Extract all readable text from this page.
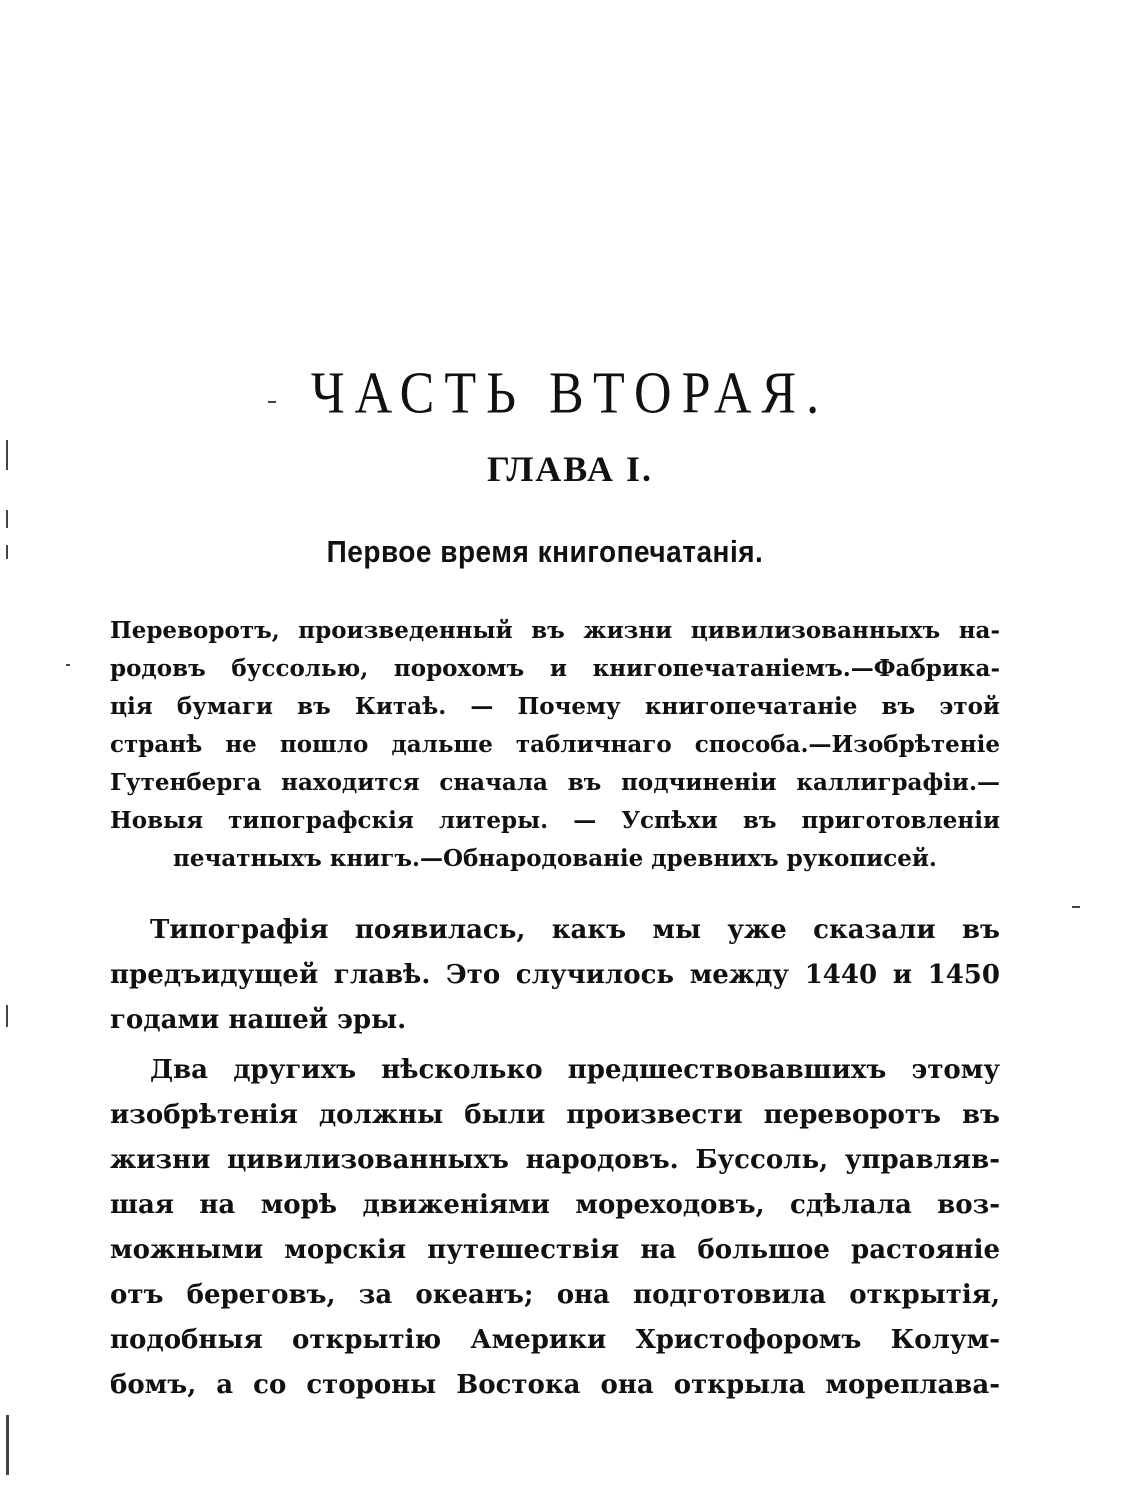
ЧАСТЬ ВТОРАЯ.
ГЛАВА I.
Первое время книгопечатанія.
Переворотъ, произведенный въ жизни цивилизованныхъ на-
родовъ буссолью, порохомъ и книгопечатаніемъ.—Фабрика-
ція бумаги въ Китаѣ. — Почему книгопечатаніе въ этой
странѣ не пошло дальше табличнаго способа.—Изобрѣтеніе
Гутенберга находится сначала въ подчиненіи каллиграфіи.—
Новыя типографскія литеры. — Успѣхи въ приготовленіи
печатныхъ книгъ.—Обнародованіе древнихъ рукописей.
Типографія появилась, какъ мы уже сказали въ
предъидущей главѣ. Это случилось между 1440 и 1450
годами нашей эры.
Два другихъ нѣсколько предшествовавшихъ этому
изобрѣтенія должны были произвести переворотъ въ
жизни цивилизованныхъ народовъ. Буссоль, управляв-
шая на морѣ движеніями мореходовъ, сдѣлала воз-
можными морскія путешествія на большое растояніе
отъ береговъ, за океанъ; она подготовила открытія,
подобныя открытію Америки Христофоромъ Колум-
бомъ, а со стороны Востока она открыла мореплава-
